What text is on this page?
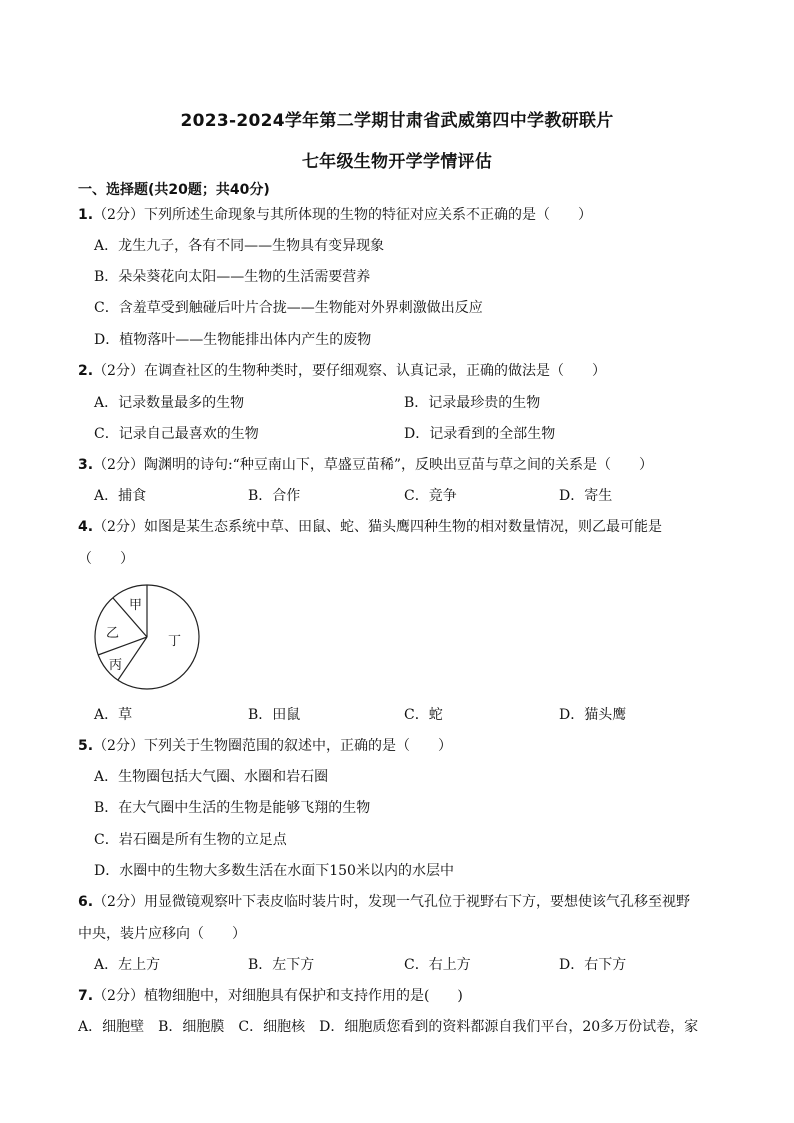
2023-2024学年第二学期甘肃省武威第四中学教研联片
七年级生物开学学情评估
一、选择题(共20题；共40分)
1.（2分）下列所述生命现象与其所体现的生物的特征对应关系不正确的是（　　）
A．龙生九子，各有不同——生物具有变异现象
B．朵朵葵花向太阳——生物的生活需要营养
C．含羞草受到触碰后叶片合拢——生物能对外界刺激做出反应
D．植物落叶——生物能排出体内产生的废物
2.（2分）在调查社区的生物种类时，要仔细观察、认真记录，正确的做法是（　　）
A．记录数量最多的生物	B．记录最珍贵的生物
C．记录自己最喜欢的生物	D．记录看到的全部生物
3.（2分）陶渊明的诗句:“种豆南山下，草盛豆苗稀”，反映出豆苗与草之间的关系是（　　）
A．捕食	B．合作	C．竞争	D．寄生
4.（2分）如图是某生态系统中草、田鼠、蛇、猫头鹰四种生物的相对数量情况，则乙最可能是
（　　）
甲
乙
丙
丁
A．草	B．田鼠	C．蛇	D．猫头鹰
5.（2分）下列关于生物圈范围的叙述中，正确的是（　　）
A．生物圈包括大气圈、水圈和岩石圈
B．在大气圈中生活的生物是能够飞翔的生物
C．岩石圈是所有生物的立足点
D．水圈中的生物大多数生活在水面下150米以内的水层中
6.（2分）用显微镜观察叶下表皮临时装片时，发现一气孔位于视野右下方，要想使该气孔移至视野
中央，装片应移向（　　）
A．左上方	B．左下方	C．右上方	D．右下方
7.（2分）植物细胞中，对细胞具有保护和支持作用的是(　　)
A．细胞壁　B．细胞膜　C．细胞核　D．细胞质您看到的资料都源自我们平台，20多万份试卷，家
